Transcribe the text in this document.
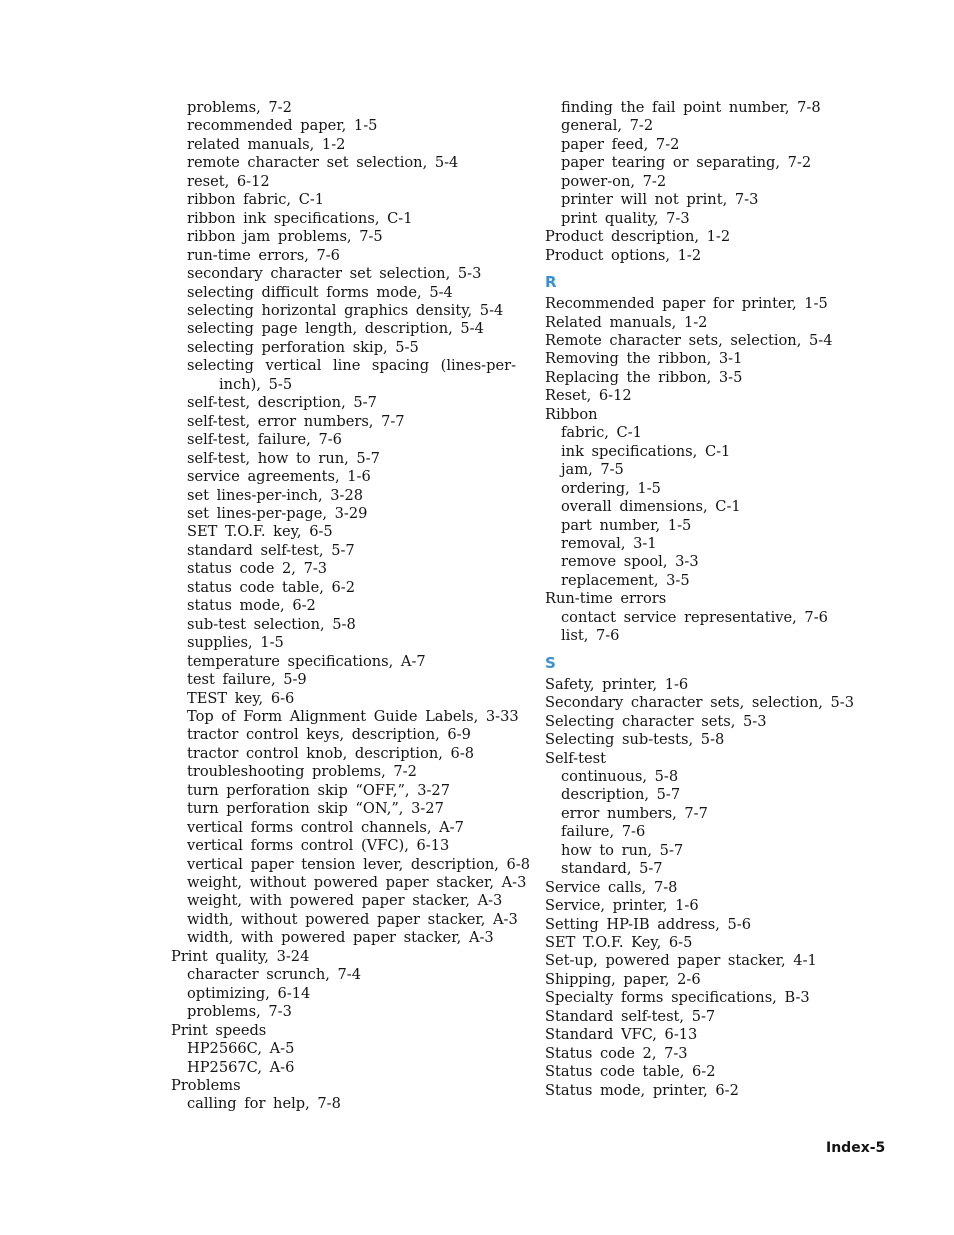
problems, 7-2
recommended paper, 1-5
related manuals, 1-2
remote character set selection, 5-4
reset, 6-12
ribbon fabric, C-1
ribbon ink specifications, C-1
ribbon jam problems, 7-5
run-time errors, 7-6
secondary character set selection, 5-3
selecting difficult forms mode, 5-4
selecting horizontal graphics density, 5-4
selecting page length, description, 5-4
selecting perforation skip, 5-5
selecting vertical line spacing (lines-per-inch), 5-5
self-test, description, 5-7
self-test, error numbers, 7-7
self-test, failure, 7-6
self-test, how to run, 5-7
service agreements, 1-6
set lines-per-inch, 3-28
set lines-per-page, 3-29
SET T.O.F. key, 6-5
standard self-test, 5-7
status code 2, 7-3
status code table, 6-2
status mode, 6-2
sub-test selection, 5-8
supplies, 1-5
temperature specifications, A-7
test failure, 5-9
TEST key, 6-6
Top of Form Alignment Guide Labels, 3-33
tractor control keys, description, 6-9
tractor control knob, description, 6-8
troubleshooting problems, 7-2
turn perforation skip “OFF,”, 3-27
turn perforation skip “ON,”, 3-27
vertical forms control channels, A-7
vertical forms control (VFC), 6-13
vertical paper tension lever, description, 6-8
weight, without powered paper stacker, A-3
weight, with powered paper stacker, A-3
width, without powered paper stacker, A-3
width, with powered paper stacker, A-3
Print quality, 3-24
character scrunch, 7-4
optimizing, 6-14
problems, 7-3
Print speeds
HP2566C, A-5
HP2567C, A-6
Problems
calling for help, 7-8
finding the fail point number, 7-8
general, 7-2
paper feed, 7-2
paper tearing or separating, 7-2
power-on, 7-2
printer will not print, 7-3
print quality, 7-3
Product description, 1-2
Product options, 1-2
R
Recommended paper for printer, 1-5
Related manuals, 1-2
Remote character sets, selection, 5-4
Removing the ribbon, 3-1
Replacing the ribbon, 3-5
Reset, 6-12
Ribbon
fabric, C-1
ink specifications, C-1
jam, 7-5
ordering, 1-5
overall dimensions, C-1
part number, 1-5
removal, 3-1
remove spool, 3-3
replacement, 3-5
Run-time errors
contact service representative, 7-6
list, 7-6
S
Safety, printer, 1-6
Secondary character sets, selection, 5-3
Selecting character sets, 5-3
Selecting sub-tests, 5-8
Self-test
continuous, 5-8
description, 5-7
error numbers, 7-7
failure, 7-6
how to run, 5-7
standard, 5-7
Service calls, 7-8
Service, printer, 1-6
Setting HP-IB address, 5-6
SET T.O.F. Key, 6-5
Set-up, powered paper stacker, 4-1
Shipping, paper, 2-6
Specialty forms specifications, B-3
Standard self-test, 5-7
Standard VFC, 6-13
Status code 2, 7-3
Status code table, 6-2
Status mode, printer, 6-2
Index-5
